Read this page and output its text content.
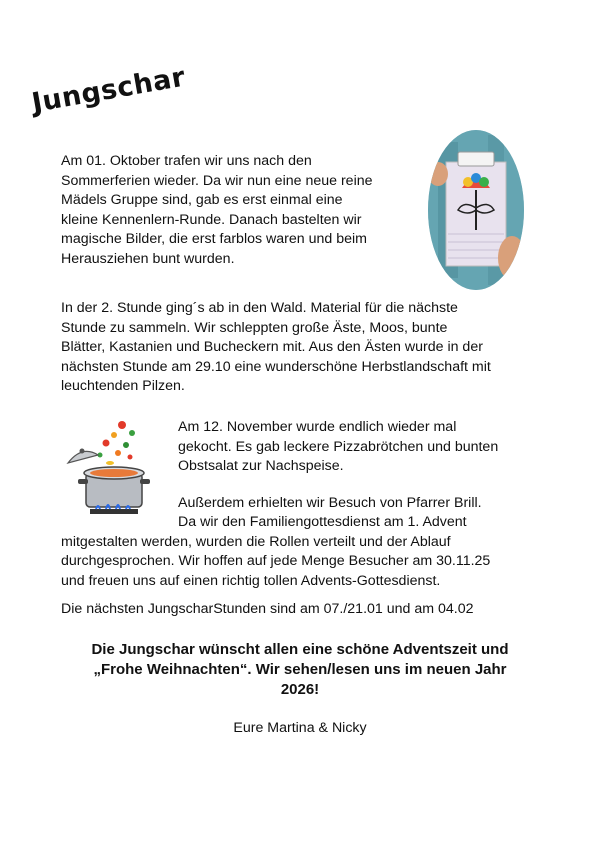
Jungschar
Am 01. Oktober trafen wir uns nach den
Sommerferien wieder. Da wir nun eine neue reine
Mädels Gruppe sind, gab es erst einmal eine
kleine Kennenlern-Runde. Danach bastelten wir
magische Bilder, die erst farblos waren und beim
Herausziehen bunt wurden.
In der 2. Stunde ging´s ab in den Wald. Material für die nächste
Stunde zu sammeln. Wir schleppten große Äste, Moos, bunte
Blätter, Kastanien und Bucheckern mit. Aus den Ästen wurde in der
nächsten Stunde am 29.10 eine wunderschöne Herbstlandschaft mit
leuchtenden Pilzen.
Am 12. November wurde endlich wieder mal
gekocht. Es gab leckere Pizzabrötchen und bunten
Obstsalat zur Nachspeise.
Außerdem erhielten wir Besuch von Pfarrer Brill.
Da wir den Familiengottesdienst am 1. Advent
mitgestalten werden, wurden die Rollen verteilt und der Ablauf
durchgesprochen. Wir hoffen auf jede Menge Besucher am 30.11.25
und freuen uns auf einen richtig tollen Advents-Gottesdienst.
Die nächsten JungscharStunden sind am 07./21.01 und am 04.02
Die Jungschar wünscht allen eine schöne Adventszeit und
„Frohe Weihnachten“. Wir sehen/lesen uns im neuen Jahr
2026!
Eure Martina & Nicky
